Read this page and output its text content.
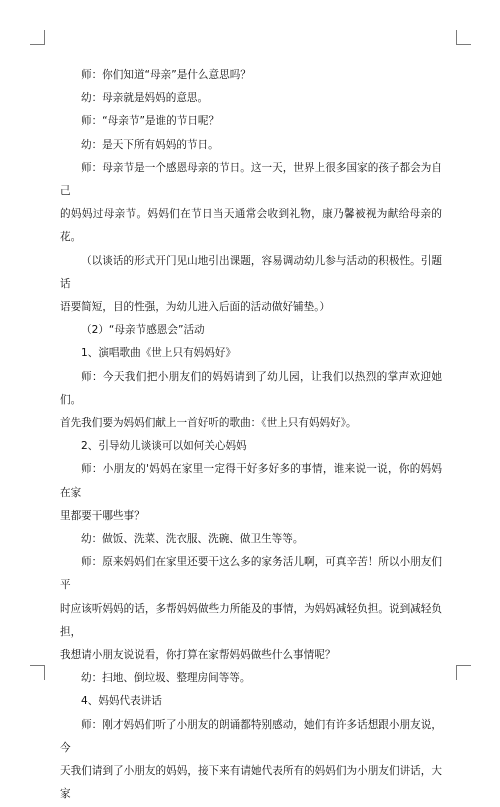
师：你们知道“母亲”是什么意思吗？

幼：母亲就是妈妈的意思。

师：“母亲节”是谁的节日呢？

幼：是天下所有妈妈的节日。

师：母亲节是一个感恩母亲的节日。这一天，世界上很多国家的孩子都会为自己
的妈妈过母亲节。妈妈们在节日当天通常会收到礼物，康乃馨被视为献给母亲的花。

（以谈话的形式开门见山地引出课题，容易调动幼儿参与活动的积极性。引题话
语要简短，目的性强，为幼儿进入后面的活动做好铺垫。）

（2）“母亲节感恩会”活动

1、演唱歌曲《世上只有妈妈好》

师：今天我们把小朋友们的妈妈请到了幼儿园，让我们以热烈的掌声欢迎她们。
首先我们要为妈妈们献上一首好听的歌曲：《世上只有妈妈好》。

2、引导幼儿谈谈可以如何关心妈妈

师：小朋友的'妈妈在家里一定得干好多好多的事情，谁来说一说，你的妈妈在家
里都要干哪些事？

幼：做饭、洗菜、洗衣服、洗碗、做卫生等等。

师：原来妈妈们在家里还要干这么多的家务活儿啊，可真辛苦！所以小朋友们平
时应该听妈妈的话，多帮妈妈做些力所能及的事情，为妈妈减轻负担。说到减轻负担，
我想请小朋友说说看，你打算在家帮妈妈做些什么事情呢？

幼：扫地、倒垃圾、整理房间等等。

4、妈妈代表讲话

师：刚才妈妈们听了小朋友的朗诵都特别感动，她们有许多话想跟小朋友说，今
天我们请到了小朋友的妈妈，接下来有请她代表所有的妈妈们为小朋友们讲话，大家
